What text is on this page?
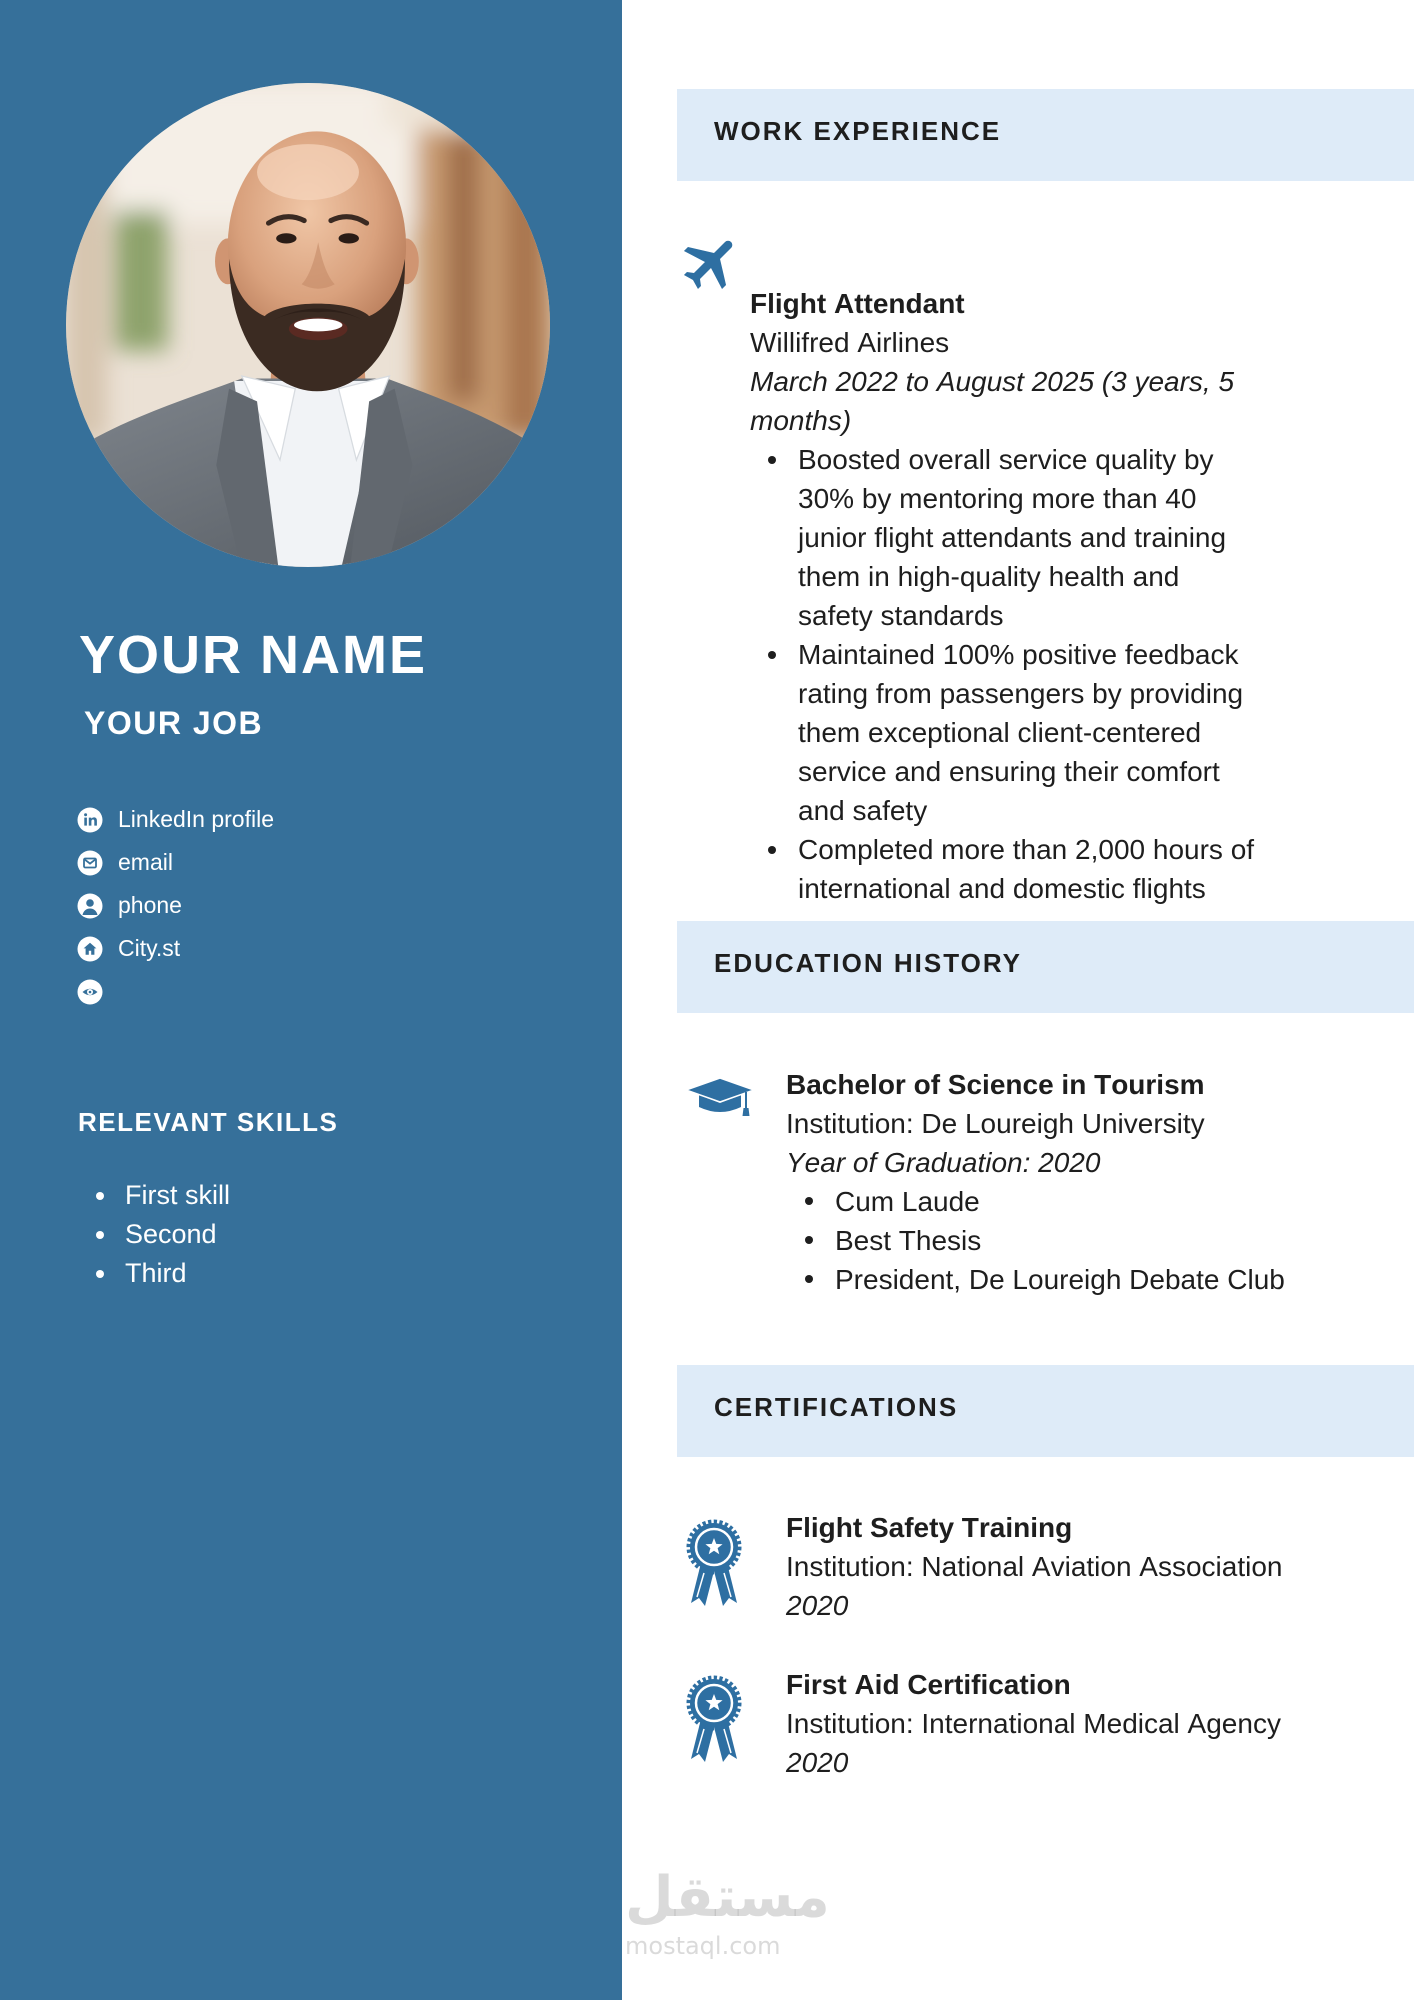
YOUR NAME
YOUR JOB
LinkedIn profile
email
phone
City.st
RELEVANT SKILLS
First skill
Second
Third
WORK EXPERIENCE
Flight Attendant
Willifred Airlines
March 2022 to August 2025 (3 years, 5 months)
Boosted overall service quality by 30% by mentoring more than 40 junior flight attendants and training them in high-quality health and safety standards
Maintained 100% positive feedback rating from passengers by providing them exceptional client-centered service and ensuring their comfort and safety
Completed more than 2,000 hours of international and domestic flights
EDUCATION HISTORY
Bachelor of Science in Tourism
Institution: De Loureigh University
Year of Graduation: 2020
Cum Laude
Best Thesis
President, De Loureigh Debate Club
CERTIFICATIONS
Flight Safety Training
Institution: National Aviation Association
2020
First Aid Certification
Institution: International Medical Agency
2020
مستقل
mostaql.com
